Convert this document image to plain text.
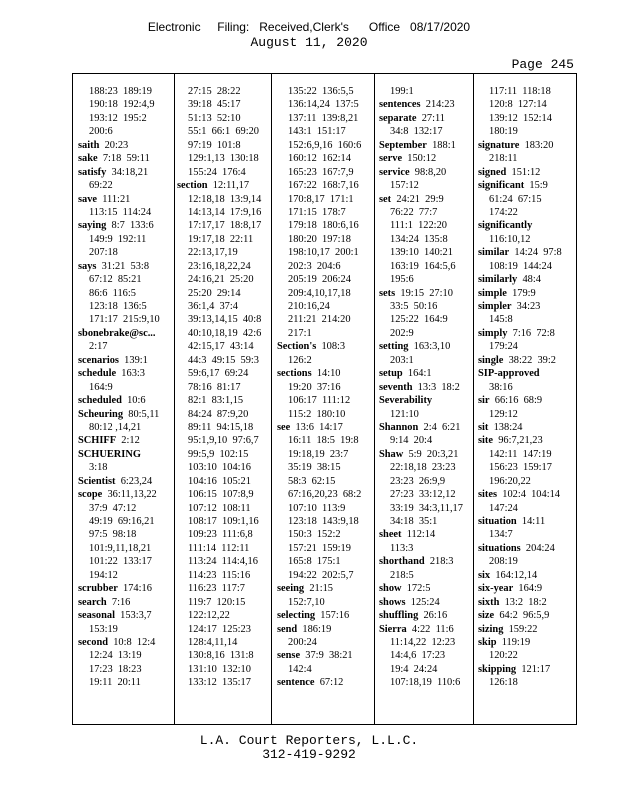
Electronic     Filing:   Received,Clerk's      Office   08/17/2020
August 11, 2020
Page 245
188:23  189:19
190:18  192:4,9
193:12  195:2
200:6
saith  20:23
sake  7:18  59:11
satisfy  34:18,21
69:22
save  111:21
113:15  114:24
saying  8:7  133:6
149:9  192:11
207:18
says  31:21  53:8
67:12  85:21
86:6  116:5
123:18  136:5
171:17  215:9,10
sbonebrake@sc...
2:17
scenarios  139:1
schedule  163:3
164:9
scheduled  10:6
Scheuring  80:5,11
80:12 ,14,21
SCHIFF  2:12
SCHUERING
3:18
Scientist  6:23,24
scope  36:11,13,22
37:9  47:12
49:19  69:16,21
97:5  98:18
101:9,11,18,21
101:22  133:17
194:12
scrubber  174:16
search  7:16
seasonal  153:3,7
153:19
second  10:8  12:4
12:24  13:19
17:23  18:23
19:11  20:11
27:15  28:22
39:18  45:17
51:13  52:10
55:1  66:1  69:20
97:19  101:8
129:1,13  130:18
155:24  176:4
section  12:11,17
12:18,18  13:9,14
14:13,14  17:9,16
17:17,17  18:8,17
19:17,18  22:11
22:13,17,19
23:16,18,22,24
24:16,21  25:20
25:20  29:14
36:1,4  37:4
39:13,14,15  40:8
40:10,18,19  42:6
42:15,17  43:14
44:3  49:15  59:3
59:6,17  69:24
78:16  81:17
82:1  83:1,15
84:24  87:9,20
89:11  94:15,18
95:1,9,10  97:6,7
99:5,9  102:15
103:10  104:16
104:16  105:21
106:15  107:8,9
107:12  108:11
108:17  109:1,16
109:23  111:6,8
111:14  112:11
113:24  114:4,16
114:23  115:16
116:23  117:7
119:7  120:15
122:12,22
124:17  125:23
128:4,11,14
130:8,16  131:8
131:10  132:10
133:12  135:17
135:22  136:5,5
136:14,24  137:5
137:11  139:8,21
143:1  151:17
152:6,9,16  160:6
160:12  162:14
165:23  167:7,9
167:22  168:7,16
170:8,17  171:1
171:15  178:7
179:18  180:6,16
180:20  197:18
198:10,17  200:1
202:3  204:6
205:19  206:24
209:4,10,17,18
210:16,24
211:21  214:20
217:1
Section's  108:3
126:2
sections  14:10
19:20  37:16
106:17  111:12
115:2  180:10
see  13:6  14:17
16:11  18:5  19:8
19:18,19  23:7
35:19  38:15
58:3  62:15
67:16,20,23  68:2
107:10  113:9
123:18  143:9,18
150:3  152:2
157:21  159:19
165:8  175:1
194:22  202:5,7
seeing  21:15
152:7,10
selecting  157:16
send  186:19
200:24
sense  37:9  38:21
142:4
sentence  67:12
199:1
sentences  214:23
separate  27:11
34:8  132:17
September  188:1
serve  150:12
service  98:8,20
157:12
set  24:21  29:9
76:22  77:7
111:1  122:20
134:24  135:8
139:10  140:21
163:19  164:5,6
195:6
sets  19:15  27:10
33:5  50:16
125:22  164:9
202:9
setting  163:3,10
203:1
setup  164:1
seventh  13:3  18:2
Severability
121:10
Shannon  2:4  6:21
9:14  20:4
Shaw  5:9  20:3,21
22:18,18  23:23
23:23  26:9,9
27:23  33:12,12
33:19  34:3,11,17
34:18  35:1
sheet  112:14
113:3
shorthand  218:3
218:5
show  172:5
shows  125:24
shuffling  26:16
Sierra  4:22  11:6
11:14,22  12:23
14:4,6  17:23
19:4  24:24
107:18,19  110:6
117:11  118:18
120:8  127:14
139:12  152:14
180:19
signature  183:20
218:11
signed  151:12
significant  15:9
61:24  67:15
174:22
significantly
116:10,12
similar  14:24  97:8
108:19  144:24
similarly  48:4
simple  179:9
simpler  34:23
145:8
simply  7:16  72:8
179:24
single  38:22  39:2
SIP-approved
38:16
sir  66:16  68:9
129:12
sit  138:24
site  96:7,21,23
142:11  147:19
156:23  159:17
196:20,22
sites  102:4  104:14
147:24
situation  14:11
134:7
situations  204:24
208:19
six  164:12,14
six-year  164:9
sixth  13:2  18:2
size  64:2  96:5,9
sizing  159:22
skip  119:19
120:22
skipping  121:17
126:18
L.A. Court Reporters, L.L.C.
312-419-9292
